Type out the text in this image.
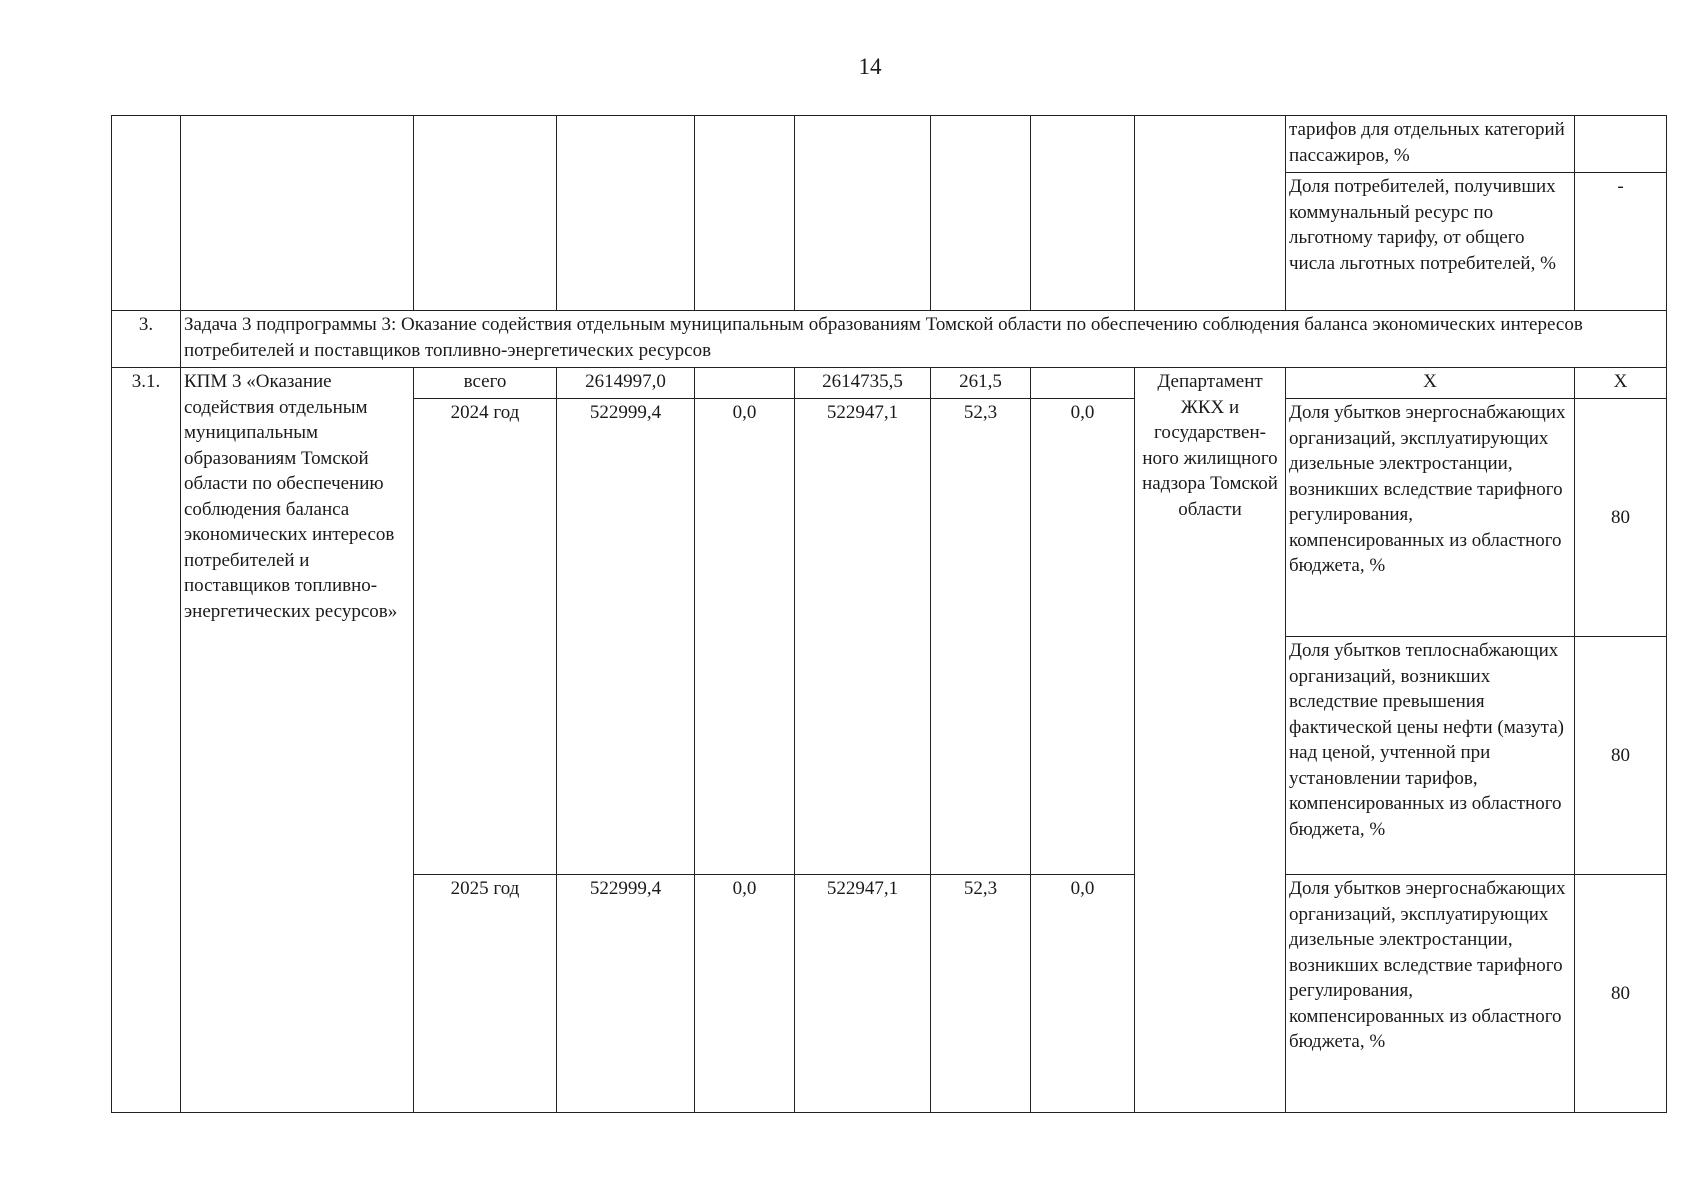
14
									тарифов для отдельных категорий пассажиров, %	
									Доля потребителей, получивших коммунальный ресурс по льготному тарифу, от общего числа льготных потребителей, %	-
3.	Задача 3 подпрограммы 3: Оказание содействия отдельным муниципальным образованиям Томской области по обеспечению соблюдения баланса экономических интересов потребителей и поставщиков топливно-энергетических ресурсов									
3.1.	КПМ 3 «Оказание содействия отдельным муниципальным образованиям Томской области по обеспечению соблюдения баланса экономических интересов потребителей и поставщиков топливно-энергетических ресурсов»	всего	2614997,0		2614735,5	261,5		Департамент ЖКХ и государствен-ного жилищного надзора Томской области	X	X
		2024 год	522999,4	0,0	522947,1	52,3	0,0		Доля убытков энергоснабжающих организаций, эксплуатирующих дизельные электростанции, возникших вследствие тарифного регулирования, компенсированных из областного бюджета, %	80
									Доля убытков теплоснабжающих организаций, возникших вследствие превышения фактической цены нефти (мазута) над ценой, учтенной при установлении тарифов, компенсированных из областного бюджета, %	80
		2025 год	522999,4	0,0	522947,1	52,3	0,0		Доля убытков энергоснабжающих организаций, эксплуатирующих дизельные электростанции, возникших вследствие тарифного регулирования, компенсированных из областного бюджета, %	80
